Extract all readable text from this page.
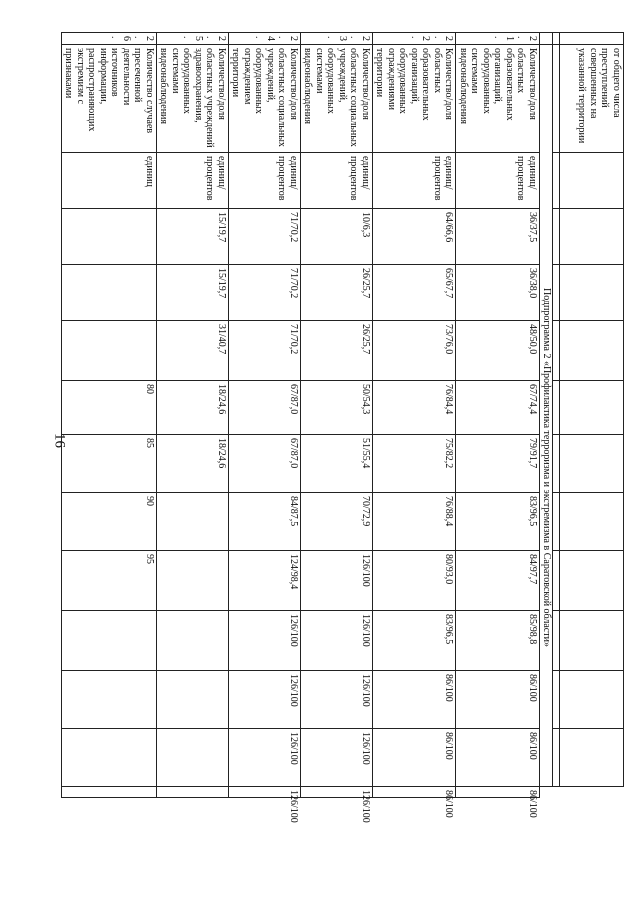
16
	от общего числа преступлений совершенных на указанной территории												

	Подпрограмма 2 «Профилактика терроризма и экстремизма в Саратовской области»												
2.1.	Количество/доля областных образовательных организаций, оборудованных системами видеонаблюдения	единиц/ процентов	36/37,5	36/38,0	48/50,0	67/74,4	79/91,7	83/96,5	84/97,7	85/98,8	86/100	86/100	86/100
2.2.	Количество/доля областных образовательных организаций, оборудованных ограждениями территории	единиц/ процентов	64/66,6	65/67,7	73/76,0	76/84,4	75/82,2	76/88,4	80/93,0	83/96,5	86/100	86/100	86/100
2.3.	Количество/доля областных социальных учреждений, оборудованных системами видеонаблюдения	единиц/ процентов	10/6,3	26/25,7	26/25,7	50/54,3	51/55,4	70/72,9	126/100	126/100	126/100	126/100	126/100
2.4.	Количество/доля областных социальных учреждений, оборудованных ограждением территории	единиц/ процентов	71/70,2	71/70,2	71/70,2	67/87,0	67/87,0	84/87,5	124/98,4	126/100	126/100	126/100	126/100
2.5.	Количество/доля областных учреждений здравоохранения, оборудованных системами видеонаблюдения	единиц/ процентов	15/19,7	15/19,7	31/40,7	18/24,6	18/24,6						
2.6.	Количество случаев пресеченной деятельности источников информации, распространяющих экстремизм с признаками	единиц				80	85	90	95				
